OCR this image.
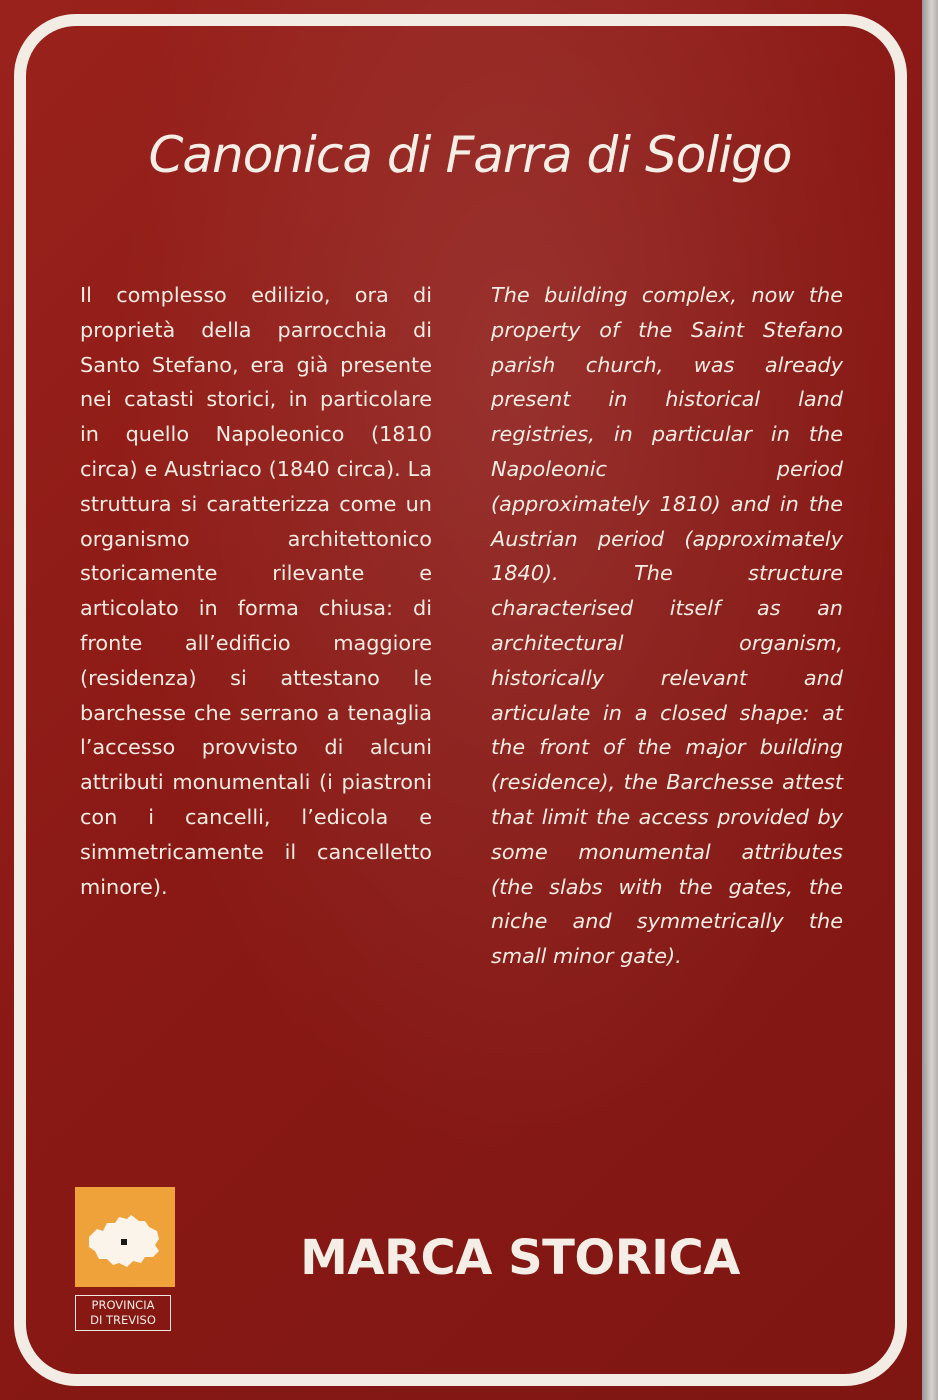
Canonica di Farra di Soligo
Il complesso edilizio, ora di proprietà della parrocchia di Santo Stefano, era già presente nei catasti storici, in particolare in quello Napoleonico (1810 circa) e Austriaco (1840 circa). La struttura si caratterizza come un organismo architettonico storicamente rilevante e articolato in forma chiusa: di fronte all’edificio maggiore (residenza) si attestano le barchesse che serrano a tenaglia l’accesso provvisto di alcuni attributi monumentali (i piastroni con i cancelli, l’edicola e simmetricamente il cancelletto minore).
The building complex, now the property of the Saint Stefano parish church, was already present in historical land registries, in particular in the Napoleonic period (approximately 1810) and in the Austrian period (approximately 1840). The structure characterised itself as an architectural organism, historically relevant and articulate in a closed shape: at the front of the major building (residence), the Barchesse attest that limit the access provided by some monumental attributes (the slabs with the gates, the niche and symmetrically the small minor gate).
PROVINCIA
DI TREVISO
MARCA STORICA
